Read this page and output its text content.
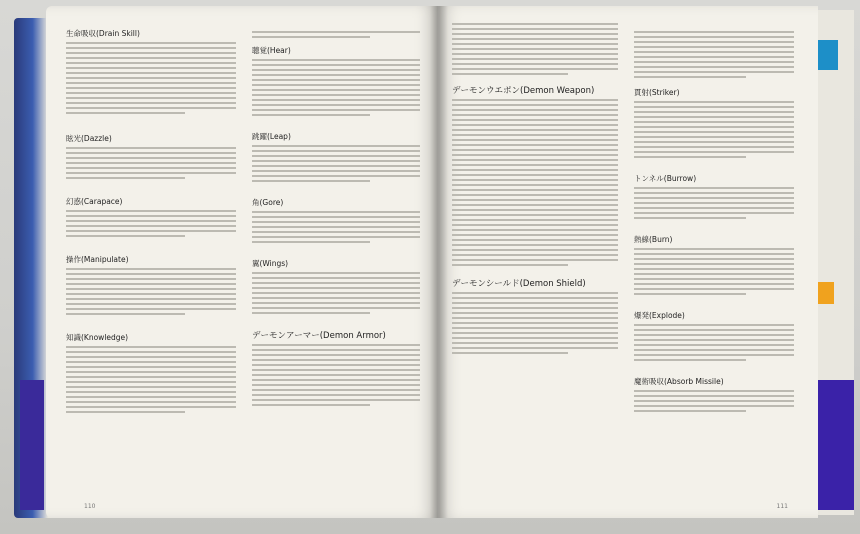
生命吸収(Drain Skill)
眩光(Dazzle)
幻惑(Carapace)
操作(Manipulate)
知識(Knowledge)
聴覚(Hear)
跳躍(Leap)
角(Gore)
翼(Wings)
デーモンアーマー(Demon Armor)
110
デーモンウエポン(Demon Weapon)
デーモンシールド(Demon Shield)
貫射(Striker)
トンネル(Burrow)
熱線(Burn)
爆発(Explode)
魔術吸収(Absorb Missile)
111
